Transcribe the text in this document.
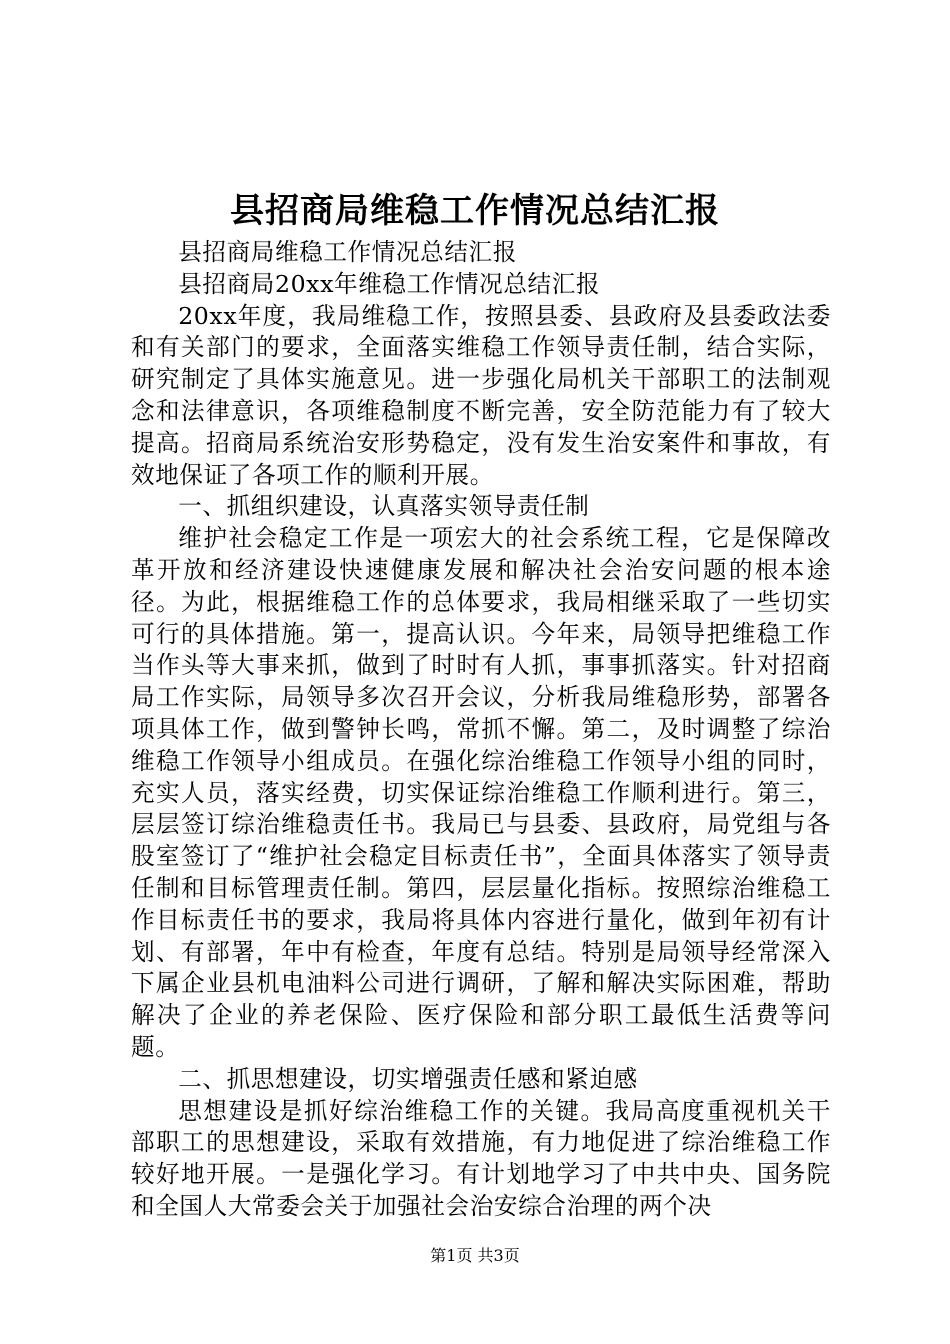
县招商局维稳工作情况总结汇报

县招商局维稳工作情况总结汇报

县招商局20xx年维稳工作情况总结汇报

20xx年度，我局维稳工作，按照县委、县政府及县委政法委和有关部门的要求，全面落实维稳工作领导责任制，结合实际，研究制定了具体实施意见。进一步强化局机关干部职工的法制观念和法律意识，各项维稳制度不断完善，安全防范能力有了较大提高。招商局系统治安形势稳定，没有发生治安案件和事故，有效地保证了各项工作的顺利开展。

一、抓组织建设，认真落实领导责任制

维护社会稳定工作是一项宏大的社会系统工程，它是保障改革开放和经济建设快速健康发展和解决社会治安问题的根本途径。为此，根据维稳工作的总体要求，我局相继采取了一些切实可行的具体措施。第一，提高认识。今年来，局领导把维稳工作当作头等大事来抓，做到了时时有人抓，事事抓落实。针对招商局工作实际，局领导多次召开会议，分析我局维稳形势，部署各项具体工作，做到警钟长鸣，常抓不懈。第二，及时调整了综治维稳工作领导小组成员。在强化综治维稳工作领导小组的同时，充实人员，落实经费，切实保证综治维稳工作顺利进行。第三，层层签订综治维稳责任书。我局已与县委、县政府，局党组与各股室签订了“维护社会稳定目标责任书”，全面具体落实了领导责任制和目标管理责任制。第四，层层量化指标。按照综治维稳工作目标责任书的要求，我局将具体内容进行量化，做到年初有计划、有部署，年中有检查，年度有总结。特别是局领导经常深入下属企业县机电油料公司进行调研，了解和解决实际困难，帮助解决了企业的养老保险、医疗保险和部分职工最低生活费等问题。

二、抓思想建设，切实增强责任感和紧迫感

思想建设是抓好综治维稳工作的关键。我局高度重视机关干部职工的思想建设，采取有效措施，有力地促进了综治维稳工作较好地开展。一是强化学习。有计划地学习了中共中央、国务院和全国人大常委会关于加强社会治安综合治理的两个决

第1页 共3页
